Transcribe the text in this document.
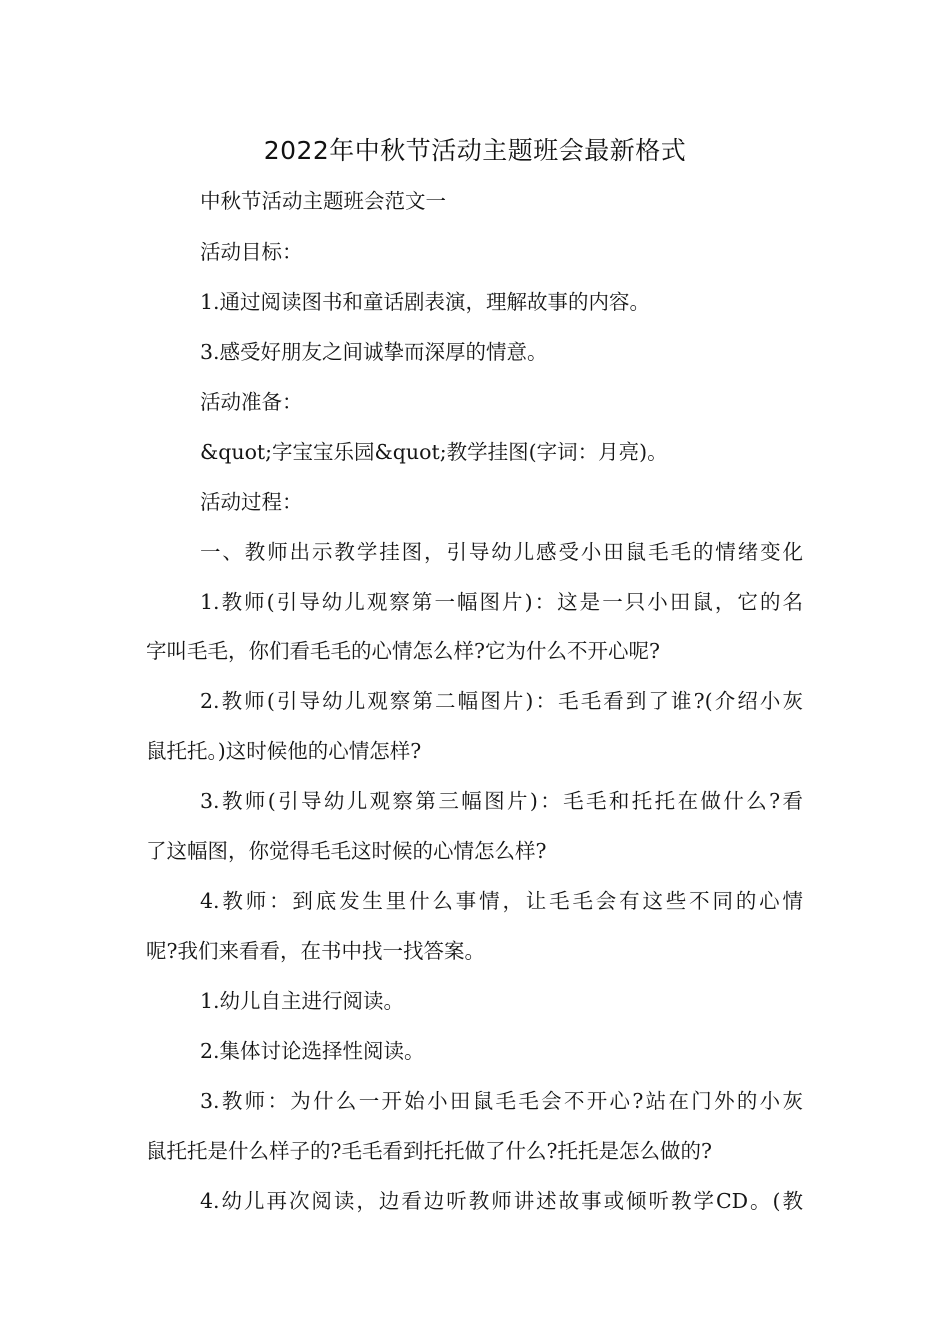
2022年中秋节活动主题班会最新格式

中秋节活动主题班会范文一

活动目标：

1.通过阅读图书和童话剧表演，理解故事的内容。

3.感受好朋友之间诚挚而深厚的情意。

活动准备：

&quot;字宝宝乐园&quot;教学挂图(字词：月亮)。

活动过程：

一、教师出示教学挂图，引导幼儿感受小田鼠毛毛的情绪变化

1.教师(引导幼儿观察第一幅图片)：这是一只小田鼠，它的名

字叫毛毛，你们看毛毛的心情怎么样?它为什么不开心呢?

2.教师(引导幼儿观察第二幅图片)：毛毛看到了谁?(介绍小灰

鼠托托。)这时候他的心情怎样?

3.教师(引导幼儿观察第三幅图片)：毛毛和托托在做什么?看

了这幅图，你觉得毛毛这时候的心情怎么样?

4.教师：到底发生里什么事情，让毛毛会有这些不同的心情

呢?我们来看看，在书中找一找答案。

1.幼儿自主进行阅读。

2.集体讨论选择性阅读。

3.教师：为什么一开始小田鼠毛毛会不开心?站在门外的小灰

鼠托托是什么样子的?毛毛看到托托做了什么?托托是怎么做的?

4.幼儿再次阅读，边看边听教师讲述故事或倾听教学CD。(教
